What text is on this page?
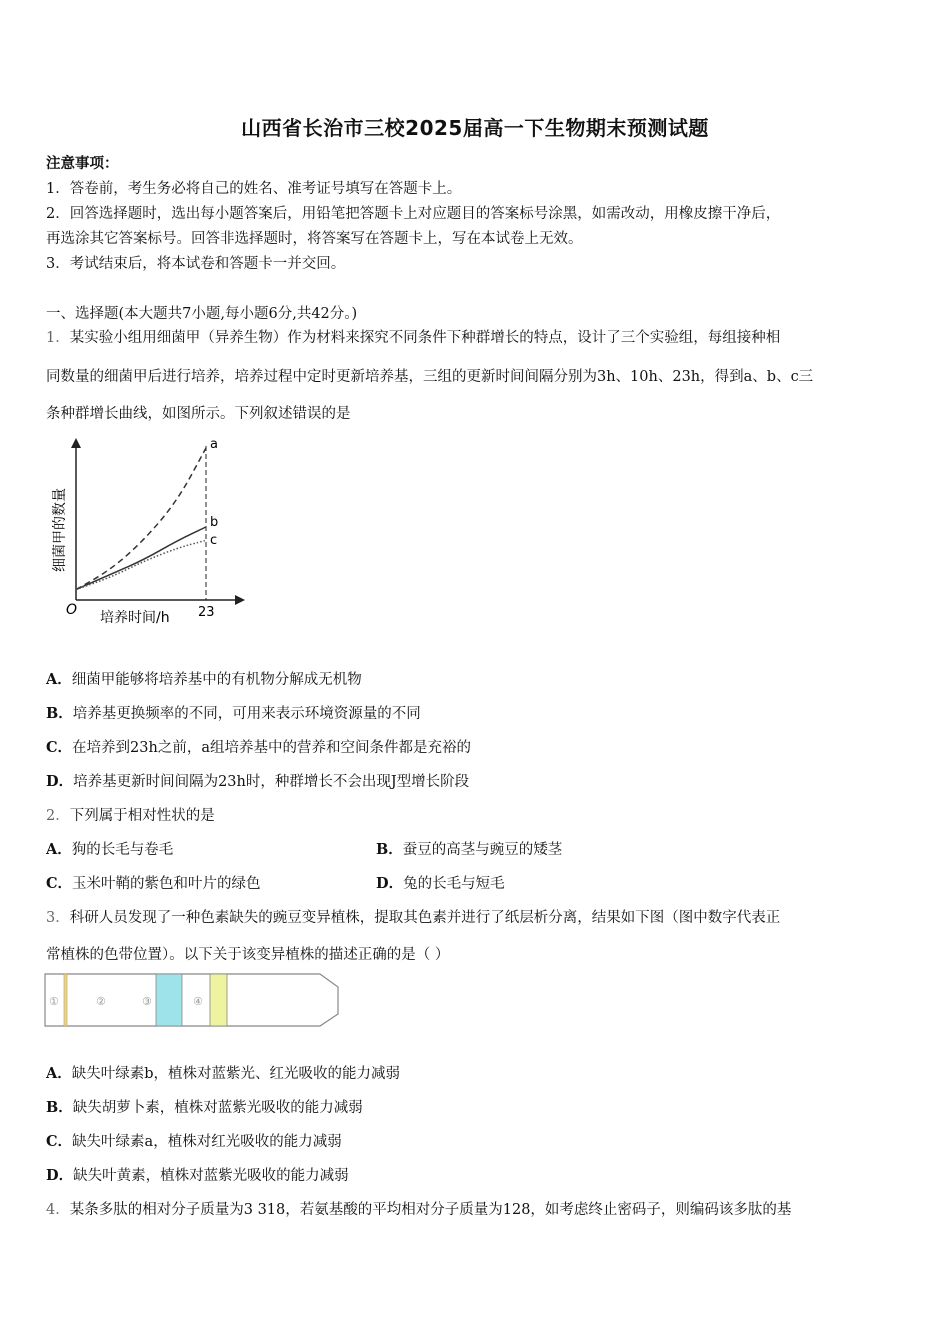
山西省长治市三校2025届高一下生物期末预测试题
注意事项：
1．答卷前，考生务必将自己的姓名、准考证号填写在答题卡上。
2．回答选择题时，选出每小题答案后，用铅笔把答题卡上对应题目的答案标号涂黑，如需改动，用橡皮擦干净后，
再选涂其它答案标号。回答非选择题时，将答案写在答题卡上，写在本试卷上无效。
3．考试结束后，将本试卷和答题卡一并交回。
一、选择题(本大题共7小题,每小题6分,共42分。)
1．某实验小组用细菌甲（异养生物）作为材料来探究不同条件下种群增长的特点，设计了三个实验组，每组接种相
同数量的细菌甲后进行培养，培养过程中定时更新培养基，三组的更新时间间隔分别为3h、10h、23h，得到a、b、c三
条种群增长曲线，如图所示。下列叙述错误的是
a
b
c
O 培养时间/h 23
细菌甲的数量
A．细菌甲能够将培养基中的有机物分解成无机物
B．培养基更换频率的不同，可用来表示环境资源量的不同
C．在培养到23h之前，a组培养基中的营养和空间条件都是充裕的
D．培养基更新时间间隔为23h时，种群增长不会出现J型增长阶段
2．下列属于相对性状的是
A．狗的长毛与卷毛	B．蚕豆的高茎与豌豆的矮茎
C．玉米叶鞘的紫色和叶片的绿色	D．兔的长毛与短毛
3．科研人员发现了一种色素缺失的豌豆变异植株，提取其色素并进行了纸层析分离，结果如下图（图中数字代表正
常植株的色带位置）。以下关于该变异植株的描述正确的是（ ）
①	②	③	④
A．缺失叶绿素b，植株对蓝紫光、红光吸收的能力减弱
B．缺失胡萝卜素，植株对蓝紫光吸收的能力减弱
C．缺失叶绿素a，植株对红光吸收的能力减弱
D．缺失叶黄素，植株对蓝紫光吸收的能力减弱
4．某条多肽的相对分子质量为3 318，若氨基酸的平均相对分子质量为128，如考虑终止密码子，则编码该多肽的基
